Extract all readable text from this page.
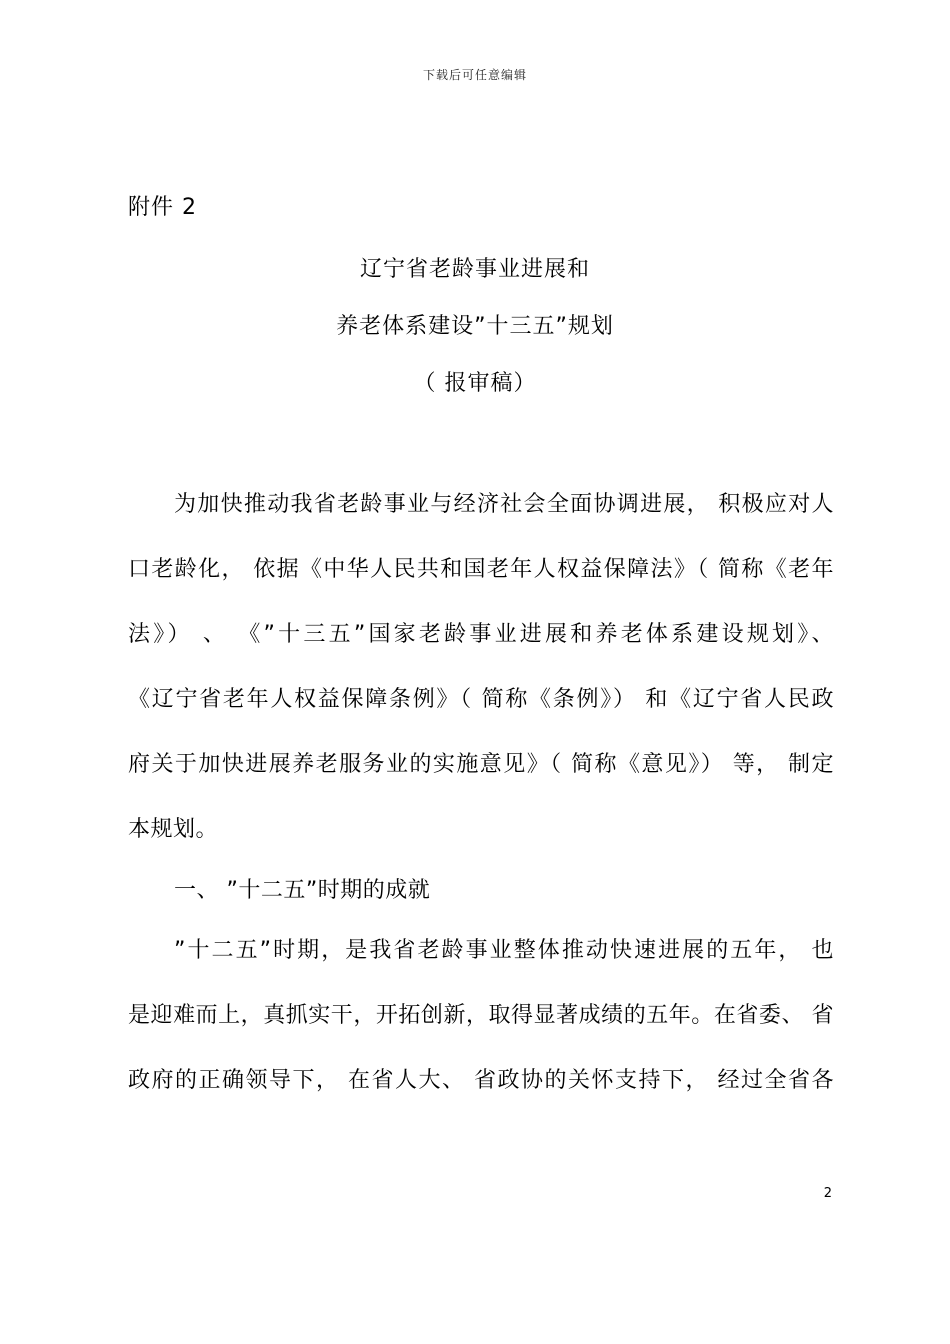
下载后可任意编辑
附件 2
辽宁省老龄事业进展和
养老体系建设”十三五”规划
（ 报审稿）
为加快推动我省老龄事业与经济社会全面协调进展， 积极应对人
口老龄化， 依据《中华人民共和国老年人权益保障法》（ 简称《老年
法》） 、 《”十三五”国家老龄事业进展和养老体系建设规划》、
《辽宁省老年人权益保障条例》（ 简称《条例》） 和《辽宁省人民政
府关于加快进展养老服务业的实施意见》（ 简称《意见》） 等， 制定
本规划。
一、 ”十二五”时期的成就
”十二五”时期，是我省老龄事业整体推动快速进展的五年， 也
是迎难而上，真抓实干，开拓创新，取得显著成绩的五年。在省委、 省
政府的正确领导下， 在省人大、 省政协的关怀支持下， 经过全省各
2
